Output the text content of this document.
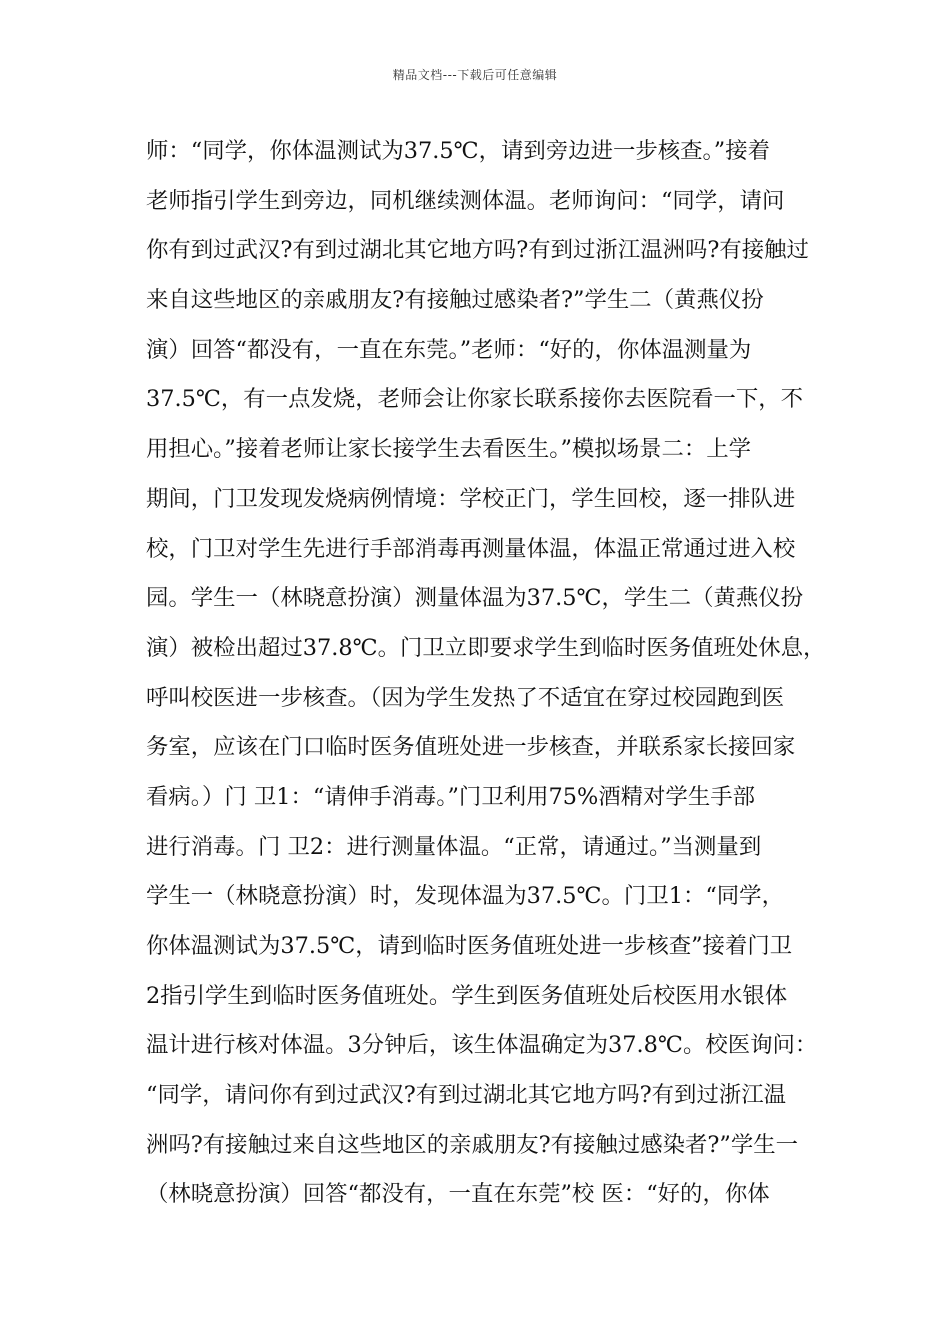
精品文档---下载后可任意编辑
师：“同学，你体温测试为37.5℃，请到旁边进一步核查。”接着
老师指引学生到旁边，同机继续测体温。老师询问：“同学，请问
你有到过武汉?有到过湖北其它地方吗?有到过浙江温洲吗?有接触过
来自这些地区的亲戚朋友?有接触过感染者?”学生二（黄燕仪扮
演）回答“都没有，一直在东莞。”老师：“好的，你体温测量为
37.5℃，有一点发烧，老师会让你家长联系接你去医院看一下，不
用担心。”接着老师让家长接学生去看医生。”模拟场景二：上学
期间，门卫发现发烧病例情境：学校正门，学生回校，逐一排队进
校，门卫对学生先进行手部消毒再测量体温，体温正常通过进入校
园。学生一（林晓意扮演）测量体温为37.5℃，学生二（黄燕仪扮
演）被检出超过37.8℃。门卫立即要求学生到临时医务值班处休息，
呼叫校医进一步核查。（因为学生发热了不适宜在穿过校园跑到医
务室，应该在门口临时医务值班处进一步核查，并联系家长接回家
看病。）门 卫1：“请伸手消毒。”门卫利用75%酒精对学生手部
进行消毒。门 卫2：进行测量体温。“正常，请通过。”当测量到
学生一（林晓意扮演）时，发现体温为37.5℃。门卫1：“同学，
你体温测试为37.5℃，请到临时医务值班处进一步核查”接着门卫
2指引学生到临时医务值班处。学生到医务值班处后校医用水银体
温计进行核对体温。3分钟后，该生体温确定为37.8℃。校医询问：
“同学，请问你有到过武汉?有到过湖北其它地方吗?有到过浙江温
洲吗?有接触过来自这些地区的亲戚朋友?有接触过感染者?”学生一
（林晓意扮演）回答“都没有，一直在东莞”校 医：“好的，你体
